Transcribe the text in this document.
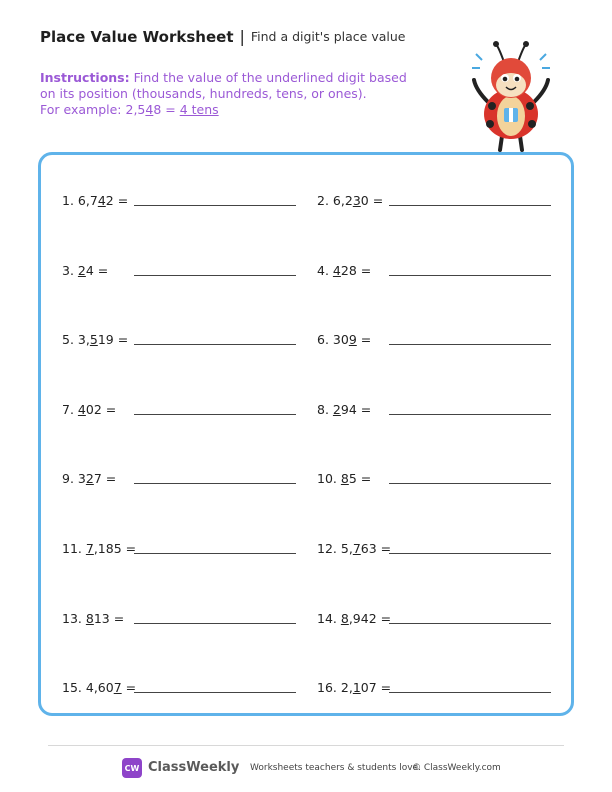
Place Value Worksheet | Find a digit's place value
Instructions: Find the value of the underlined digit based on its position (thousands, hundreds, tens, or ones).
For example: 2,548 = 4 tens
1. 6,742 =	2. 6,230 =
3. 24 =	4. 428 =
5. 3,519 =	6. 309 =
7. 402 =	8. 294 =
9. 327 =	10. 85 =
11. 7,185 =	12. 5,763 =
13. 813 =	14. 8,942 =
15. 4,607 =	16. 2,107 =
CW ClassWeekly Worksheets teachers & students love.
© ClassWeekly.com
